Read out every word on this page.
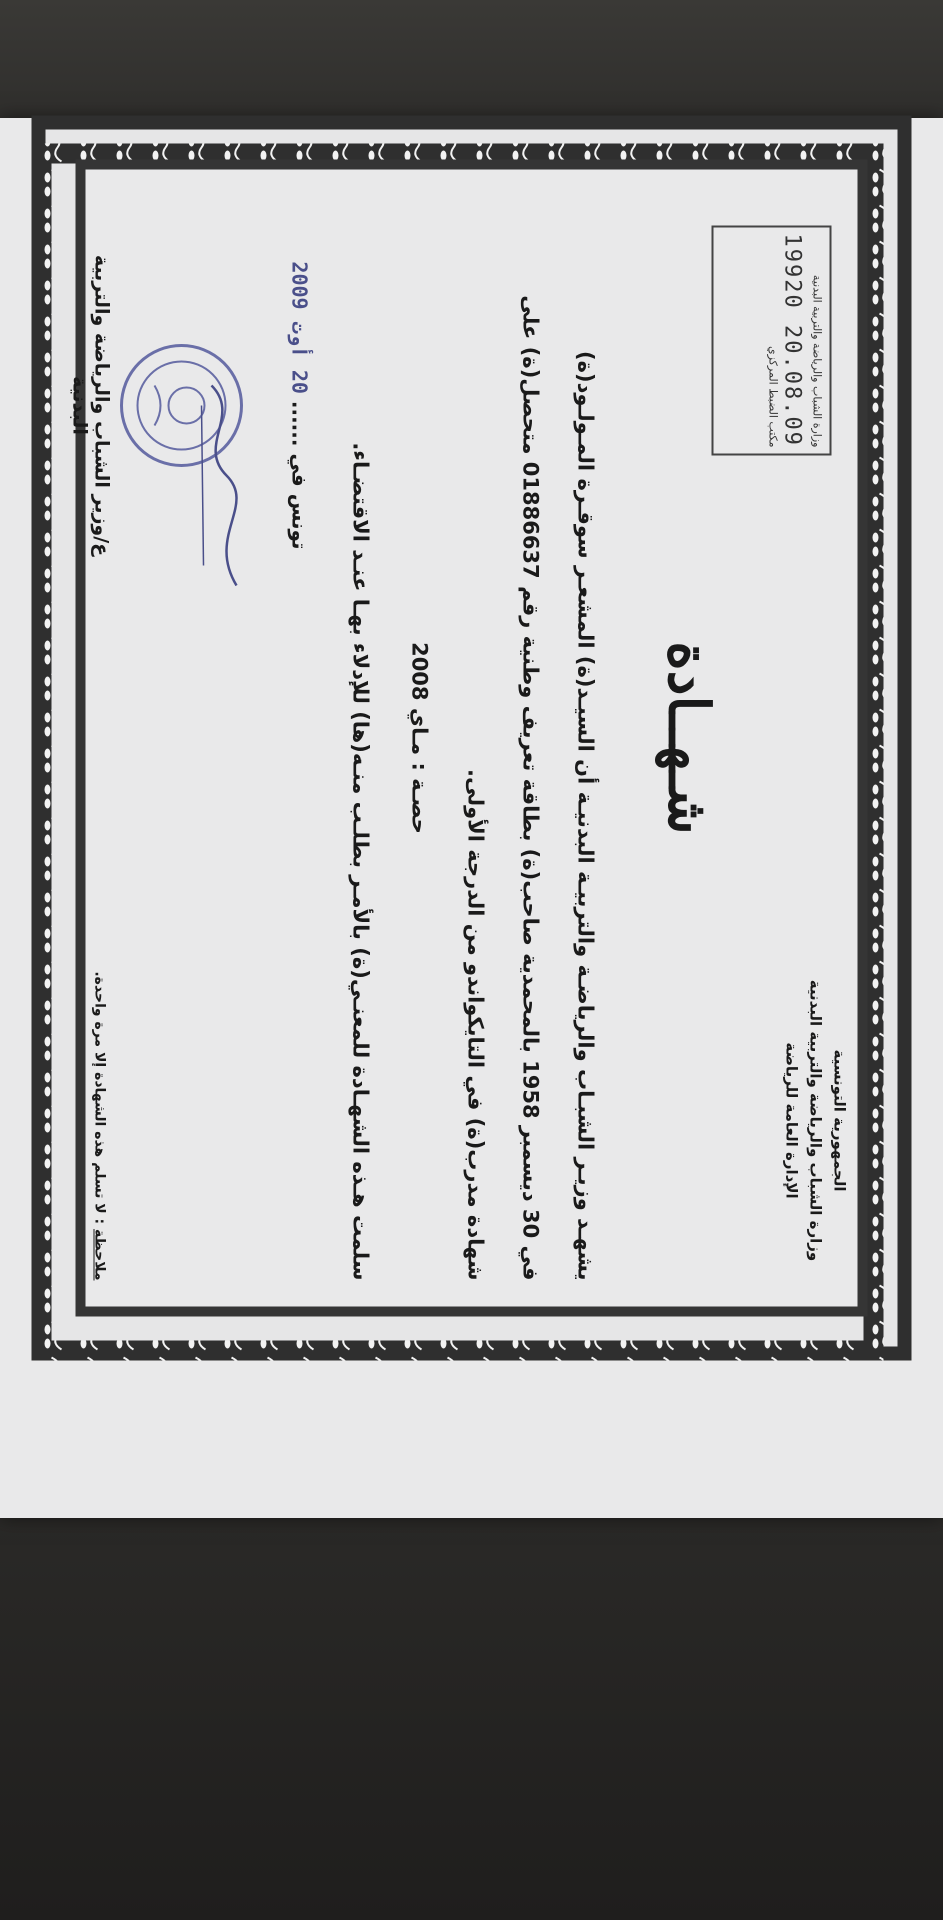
الجمهورية التونسية
وزارة الشباب والرياضة والتربية البدنية
الإدارة العامة للرياضة
شـهــادة
وزارة الشباب والرياضة والتربية البدنية
19920 20.08.09
مكتب الضبط المركزي
يشهـد وزيـر الشبـاب والرياضـة والتربيـة البدنيـة أن السيـد(ة) المشعـر سوقـرة المـولـود(ة)
في 30 ديسمبر 1958 بالمحمدية صاحب(ة) بطاقة تعريف وطنية رقم 01886637 متحصل(ة) على
شهادة مدرب(ة) في التايكواندو من الدرجة الأولى.
حصـة : مـاي 2008
سلمت هـذه الشهـادة للمعنـي(ة) بالأمـر بطلـب منـه(ها) للإدلاء بهـا عنـد الاقتضـاء.
تونس في ...... 20 أوت 2009
ع/وزير الشباب والرياضة والتربية البدنية
ملاحظة : لا تسلم هذه الشهادة إلا مرة واحدة.
